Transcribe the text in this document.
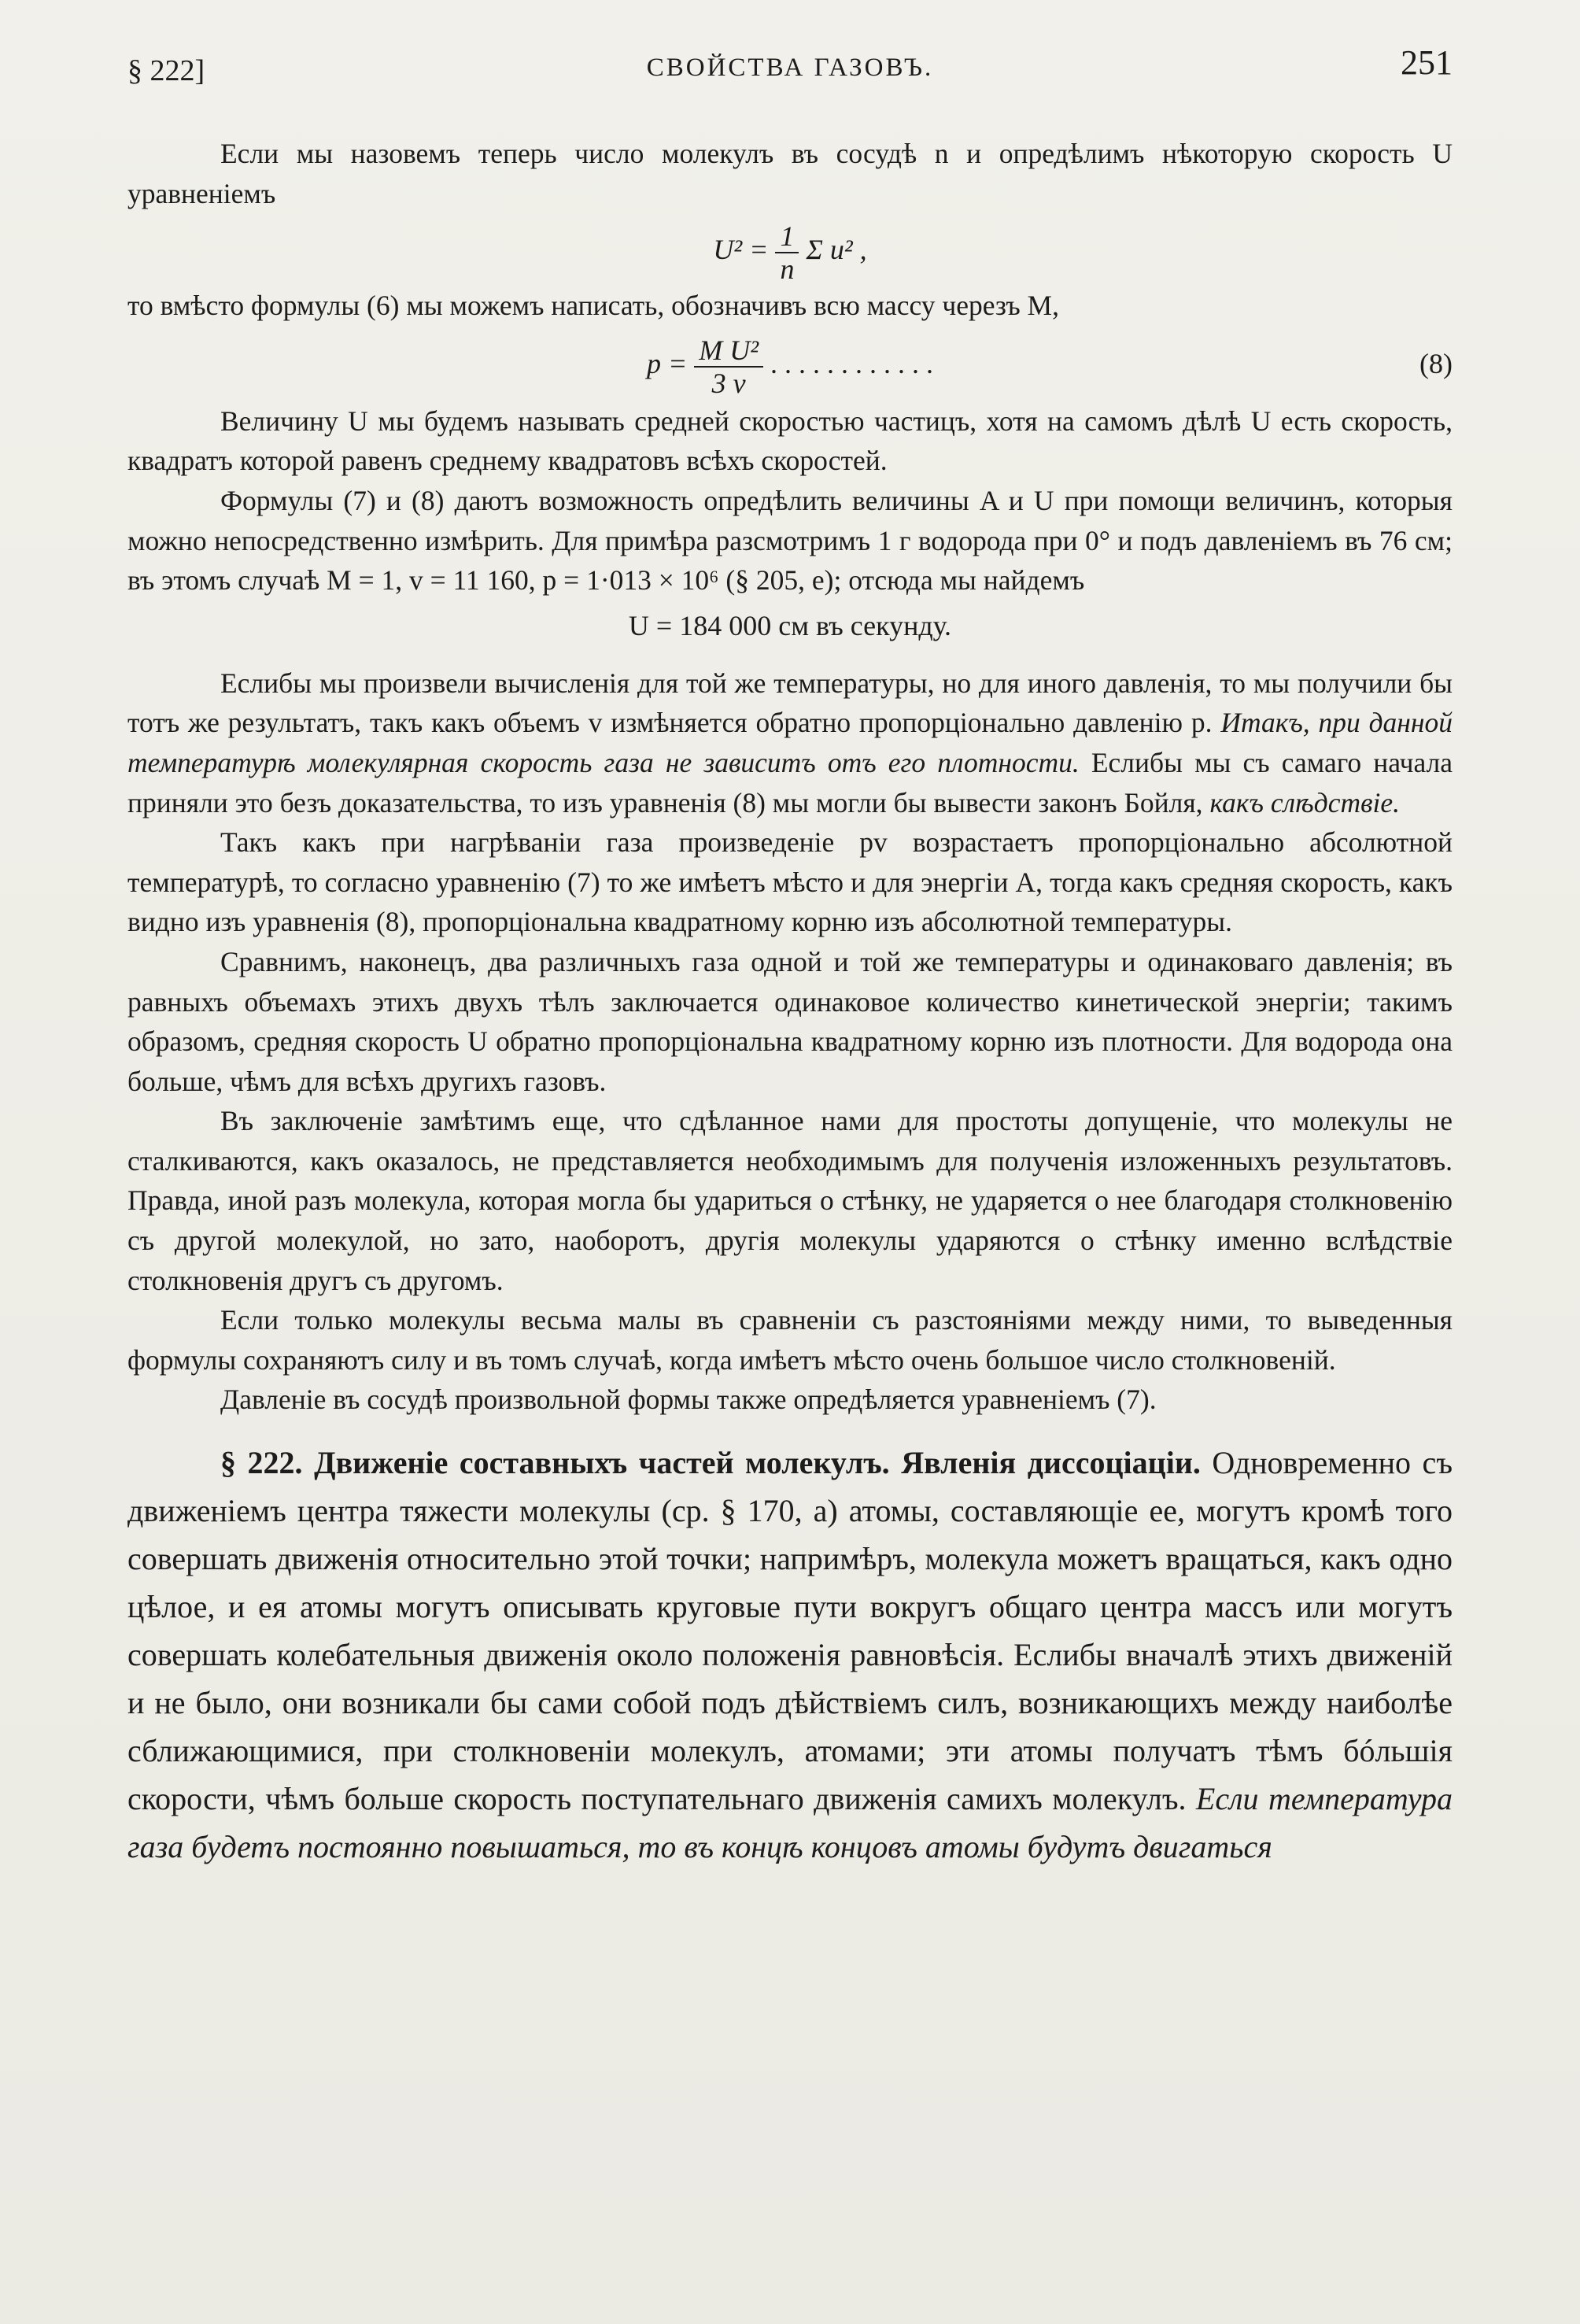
§ 222]	СВОЙСТВА ГАЗОВЪ.	251

Если мы назовемъ теперь число молекулъ въ сосудѣ n и опредѣлимъ нѣкоторую скорость U уравненіемъ

$U^2 = \frac{1}{n}$ Σ u² ,

то вмѣсто формулы (6) мы можемъ написать, обозначивъ всю массу черезъ M,

$p = \frac{\text{M U²}}{3 v}$ . . . . . . . . . . . .	(8)

Величину U мы будемъ называть средней скоростью частицъ, хотя на самомъ дѣлѣ U есть скорость, квадратъ которой равенъ среднему квадратовъ всѣхъ скоростей.

Формулы (7) и (8) даютъ возможность опредѣлить величины A и U при помощи величинъ, которыя можно непосредственно измѣрить. Для примѣра разсмотримъ 1 г водорода при 0° и подъ давленіемъ въ 76 см; въ этомъ случаѣ M = 1, v = 11 160, p = 1·013 × 10⁶ (§ 205, e); отсюда мы найдемъ

U = 184 000 см въ секунду.

Еслибы мы произвели вычисленія для той же температуры, но для иного давленія, то мы получили бы тотъ же результатъ, такъ какъ объемъ v измѣняется обратно пропорціонально давленію p. Итакъ, при данной температурѣ молекулярная скорость газа не зависитъ отъ его плотности. Еслибы мы съ самаго начала приняли это безъ доказательства, то изъ уравненія (8) мы могли бы вывести законъ Бойля, какъ слѣдствіе.

Такъ какъ при нагрѣваніи газа произведеніе pv возрастаетъ пропорціонально абсолютной температурѣ, то согласно уравненію (7) то же имѣетъ мѣсто и для энергіи A, тогда какъ средняя скорость, какъ видно изъ уравненія (8), пропорціональна квадратному корню изъ абсолютной температуры.

Сравнимъ, наконецъ, два различныхъ газа одной и той же температуры и одинаковаго давленія; въ равныхъ объемахъ этихъ двухъ тѣлъ заключается одинаковое количество кинетической энергіи; такимъ образомъ, средняя скорость U обратно пропорціональна квадратному корню изъ плотности. Для водорода она больше, чѣмъ для всѣхъ другихъ газовъ.

Въ заключеніе замѣтимъ еще, что сдѣланное нами для простоты допущеніе, что молекулы не сталкиваются, какъ оказалось, не представляется необходимымъ для полученія изложенныхъ результатовъ. Правда, иной разъ молекула, которая могла бы удариться о стѣнку, не ударяется о нее благодаря столкновенію съ другой молекулой, но зато, наоборотъ, другія молекулы ударяются о стѣнку именно вслѣдствіе столкновенія другъ съ другомъ.

Если только молекулы весьма малы въ сравненіи съ разстояніями между ними, то выведенныя формулы сохраняютъ силу и въ томъ случаѣ, когда имѣетъ мѣсто очень большое число столкновеній.

Давленіе въ сосудѣ произвольной формы также опредѣляется уравненіемъ (7).

§ 222. Движеніе составныхъ частей молекулъ. Явленія диссоціаціи. Одновременно съ движеніемъ центра тяжести молекулы (ср. § 170, a) атомы, составляющіе ее, могутъ кромѣ того совершать движенія относительно этой точки; напримѣръ, молекула можетъ вращаться, какъ одно цѣлое, и ея атомы могутъ описывать круговые пути вокругъ общаго центра массъ или могутъ совершать колебательныя движенія около положенія равновѣсія. Еслибы вначалѣ этихъ движеній и не было, они возникали бы сами собой подъ дѣйствіемъ силъ, возникающихъ между наиболѣе сближающимися, при столкновеніи молекулъ, атомами; эти атомы получатъ тѣмъ бóльшія скорости, чѣмъ больше скорость поступательнаго движенія самихъ молекулъ. Если температура газа будетъ постоянно повышаться, то въ концѣ концовъ атомы будутъ двигаться
